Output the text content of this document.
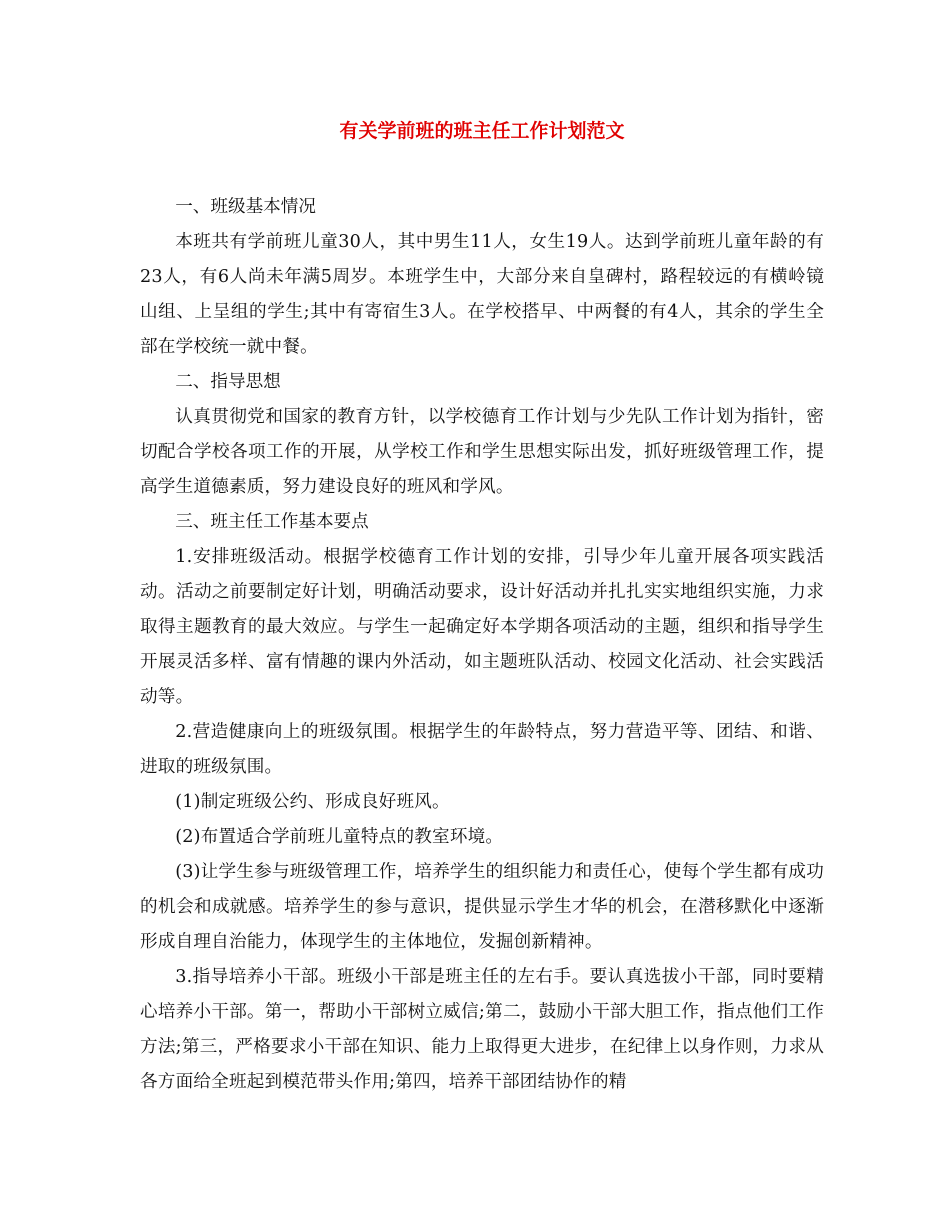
有关学前班的班主任工作计划范文

一、班级基本情况

本班共有学前班儿童30人，其中男生11人，女生19人。达到学前班儿童年龄的有23人，有6人尚未年满5周岁。本班学生中，大部分来自皇碑村，路程较远的有横岭镜山组、上呈组的学生;其中有寄宿生3人。在学校搭早、中两餐的有4人，其余的学生全部在学校统一就中餐。

二、指导思想

认真贯彻党和国家的教育方针，以学校德育工作计划与少先队工作计划为指针，密切配合学校各项工作的开展，从学校工作和学生思想实际出发，抓好班级管理工作，提高学生道德素质，努力建设良好的班风和学风。

三、班主任工作基本要点

1.安排班级活动。根据学校德育工作计划的安排，引导少年儿童开展各项实践活动。活动之前要制定好计划，明确活动要求，设计好活动并扎扎实实地组织实施，力求取得主题教育的最大效应。与学生一起确定好本学期各项活动的主题，组织和指导学生开展灵活多样、富有情趣的课内外活动，如主题班队活动、校园文化活动、社会实践活动等。

2.营造健康向上的班级氛围。根据学生的年龄特点，努力营造平等、团结、和谐、进取的班级氛围。

(1)制定班级公约、形成良好班风。

(2)布置适合学前班儿童特点的教室环境。

(3)让学生参与班级管理工作，培养学生的组织能力和责任心，使每个学生都有成功的机会和成就感。培养学生的参与意识，提供显示学生才华的机会，在潜移默化中逐渐形成自理自治能力，体现学生的主体地位，发掘创新精神。

3.指导培养小干部。班级小干部是班主任的左右手。要认真选拔小干部，同时要精心培养小干部。第一，帮助小干部树立威信;第二，鼓励小干部大胆工作，指点他们工作方法;第三，严格要求小干部在知识、能力上取得更大进步，在纪律上以身作则，力求从各方面给全班起到模范带头作用;第四，培养干部团结协作的精
